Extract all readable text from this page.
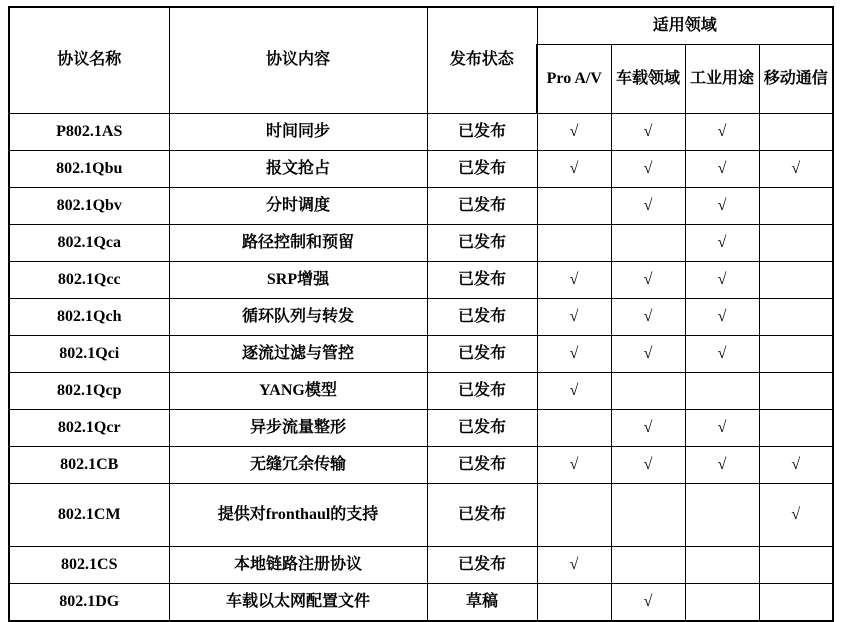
协议名称	协议内容	发布状态	适用领域			
			Pro A/V	车载领域	工业用途	移动通信
P802.1AS	时间同步	已发布	√	√	√	
802.1Qbu	报文抢占	已发布	√	√	√	√
802.1Qbv	分时调度	已发布		√	√	
802.1Qca	路径控制和预留	已发布			√	
802.1Qcc	SRP增强	已发布	√	√	√	
802.1Qch	循环队列与转发	已发布	√	√	√	
802.1Qci	逐流过滤与管控	已发布	√	√	√	
802.1Qcp	YANG模型	已发布	√			
802.1Qcr	异步流量整形	已发布		√	√	
802.1CB	无缝冗余传输	已发布	√	√	√	√
802.1CM	提供对fronthaul的支持	已发布				√
802.1CS	本地链路注册协议	已发布	√			
802.1DG	车载以太网配置文件	草稿		√		
